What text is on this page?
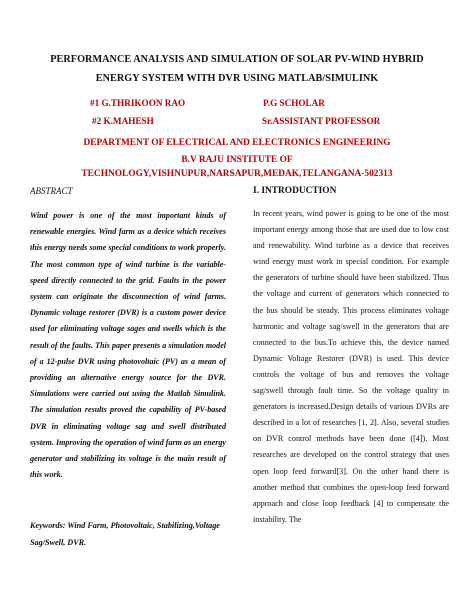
PERFORMANCE ANALYSIS AND SIMULATION OF SOLAR PV-WIND HYBRID
ENERGY SYSTEM WITH DVR USING MATLAB/SIMULINK
#1 G.THRIKOON RAO	P.G SCHOLAR
#2 K.MAHESH	Sr.ASSISTANT PROFESSOR
DEPARTMENT OF ELECTRICAL AND ELECTRONICS ENGINEERING
B.V RAJU INSTITUTE OF TECHNOLOGY,VISHNUPUR,NARSAPUR,MEDAK,TELANGANA-502313
ABSTRACT
Wind power is one of the most important kinds of renewable energies. Wind farm as a device which receives this energy needs some special conditions to work properly. The most common type of wind turbine is the variable-speed directly connected to the grid. Faults in the power system can originate the disconnection of wind farms. Dynamic voltage restorer (DVR) is a custom power device used for eliminating voltage sages and swells which is the result of the faults. This paper presents a simulation model of a 12-pulse DVR using photovoltaic (PV) as a mean of providing an alternative energy source for the DVR. Simulations were carried out using the Matlab Simulink. The simulation results proved the capability of PV-based DVR in eliminating voltage sag and swell distributed system. Improving the operation of wind farm as an energy generator and stabilizing its voltage is the main result of this work.
Keywords: Wind Farm, Photovoltaic, Stabilizing,Voltage Sag/Swell, DVR.
I. INTRODUCTION
In recent years, wind power is going to be one of the most important energy among those that are used due to low cost and renewability. Wind turbine as a device that receives wind energy must work in special condition. For example the generators of turbine should have been stabilized. Thus the voltage and current of generators which connected to the bus should be steady. This process eliminates voltage harmonic and voltage sag/swell in the generators that are connected to the bus.To achieve this, the device named Dynamic Voltage Restorer (DVR) is used. This device controls the voltage of bus and removes the voltage sag/swell through fault time. So the voltage quality in generators is increased.Design details of various DVRs are described in a lot of researches [1, 2]. Also, several studies on DVR control methods have been done ([4]). Most researches are developed on the control strategy that uses open loop feed forward[3]. On the other hand there is another method that combines the open-loop feed forward approach and close loop feedback [4] to compensate the instability. The
